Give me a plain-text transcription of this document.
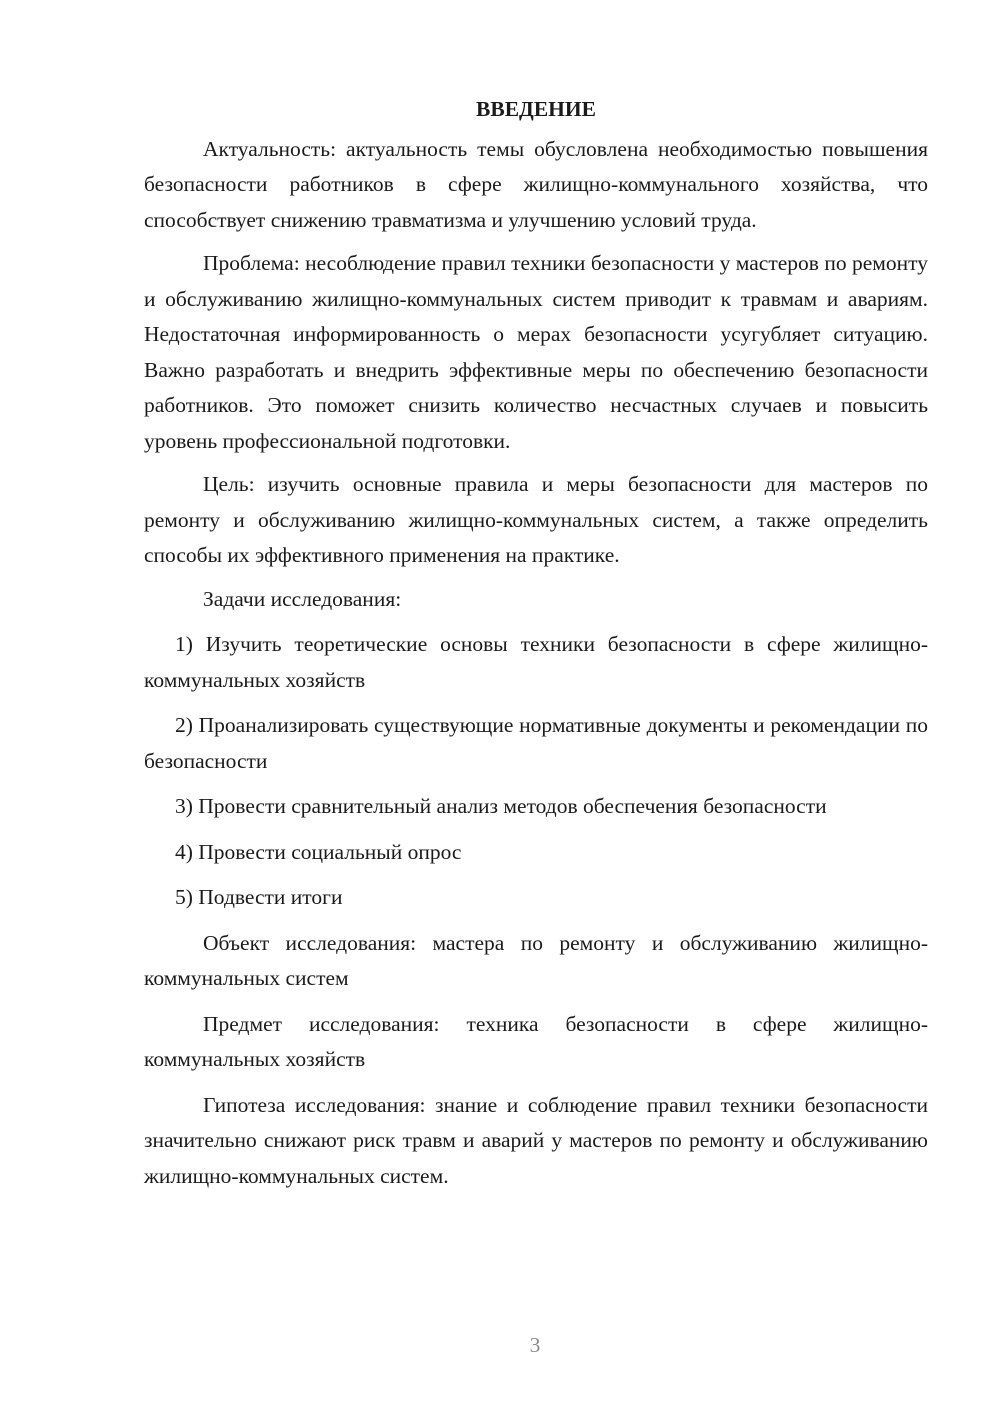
ВВЕДЕНИЕ

Актуальность: актуальность темы обусловлена необходимостью повышения безопасности работников в сфере жилищно-коммунального хозяйства, что способствует снижению травматизма и улучшению условий труда.

Проблема: несоблюдение правил техники безопасности у мастеров по ремонту и обслуживанию жилищно-коммунальных систем приводит к травмам и авариям. Недостаточная информированность о мерах безопасности усугубляет ситуацию. Важно разработать и внедрить эффективные меры по обеспечению безопасности работников. Это поможет снизить количество несчастных случаев и повысить уровень профессиональной подготовки.

Цель: изучить основные правила и меры безопасности для мастеров по ремонту и обслуживанию жилищно-коммунальных систем, а также определить способы их эффективного применения на практике.

Задачи исследования:

1) Изучить теоретические основы техники безопасности в сфере жилищно-коммунальных хозяйств

2) Проанализировать существующие нормативные документы и рекомендации по безопасности

3) Провести сравнительный анализ методов обеспечения безопасности

4) Провести социальный опрос

5) Подвести итоги

Объект исследования: мастера по ремонту и обслуживанию жилищно-коммунальных систем

Предмет исследования: техника безопасности в сфере жилищно-коммунальных хозяйств

Гипотеза исследования: знание и соблюдение правил техники безопасности значительно снижают риск травм и аварий у мастеров по ремонту и обслуживанию жилищно-коммунальных систем.

3
